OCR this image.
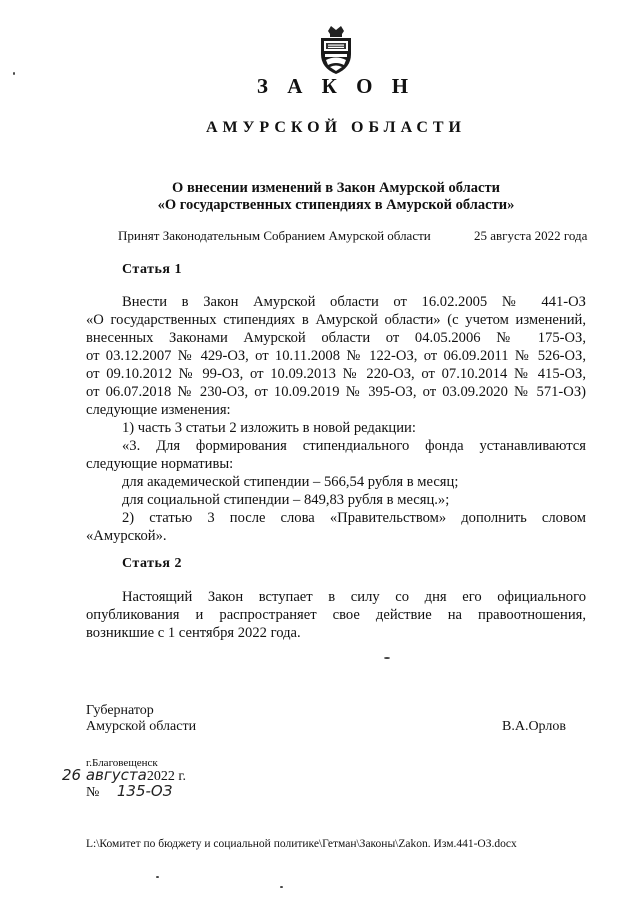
З А К О Н
АМУРСКОЙ ОБЛАСТИ
О внесении изменений в Закон Амурской области
«О государственных стипендиях в Амурской области»
Принят Законодательным Собранием Амурской области	25 августа 2022 года
Статья 1
Внести в Закон Амурской области от 16.02.2005 № 441-ОЗ
«О государственных стипендиях в Амурской области» (с учетом изменений,
внесенных Законами Амурской области от 04.05.2006 № 175-ОЗ,
от 03.12.2007 № 429-ОЗ, от 10.11.2008 № 122-ОЗ, от 06.09.2011 № 526-ОЗ,
от 09.10.2012 № 99-ОЗ, от 10.09.2013 № 220-ОЗ, от 07.10.2014 № 415-ОЗ,
от 06.07.2018 № 230-ОЗ, от 10.09.2019 № 395-ОЗ, от 03.09.2020 № 571-ОЗ)
следующие изменения:
1) часть 3 статьи 2 изложить в новой редакции:
«3. Для формирования стипендиального фонда устанавливаются
следующие нормативы:
для академической стипендии – 566,54 рубля в месяц;
для социальной стипендии – 849,83 рубля в месяц.»;
2) статью 3 после слова «Правительством» дополнить словом
«Амурской».
Статья 2
Настоящий Закон вступает в силу со дня его официального
опубликования и распространяет свое действие на правоотношения,
возникшие с 1 сентября 2022 года.
Губернатор
Амурской области	В.А.Орлов
г.Благовещенск
26 августа2022 г.
№ 135-ОЗ
L:\Комитет по бюджету и социальной политике\Гетман\Законы\Zakon. Изм.441-ОЗ.docx
